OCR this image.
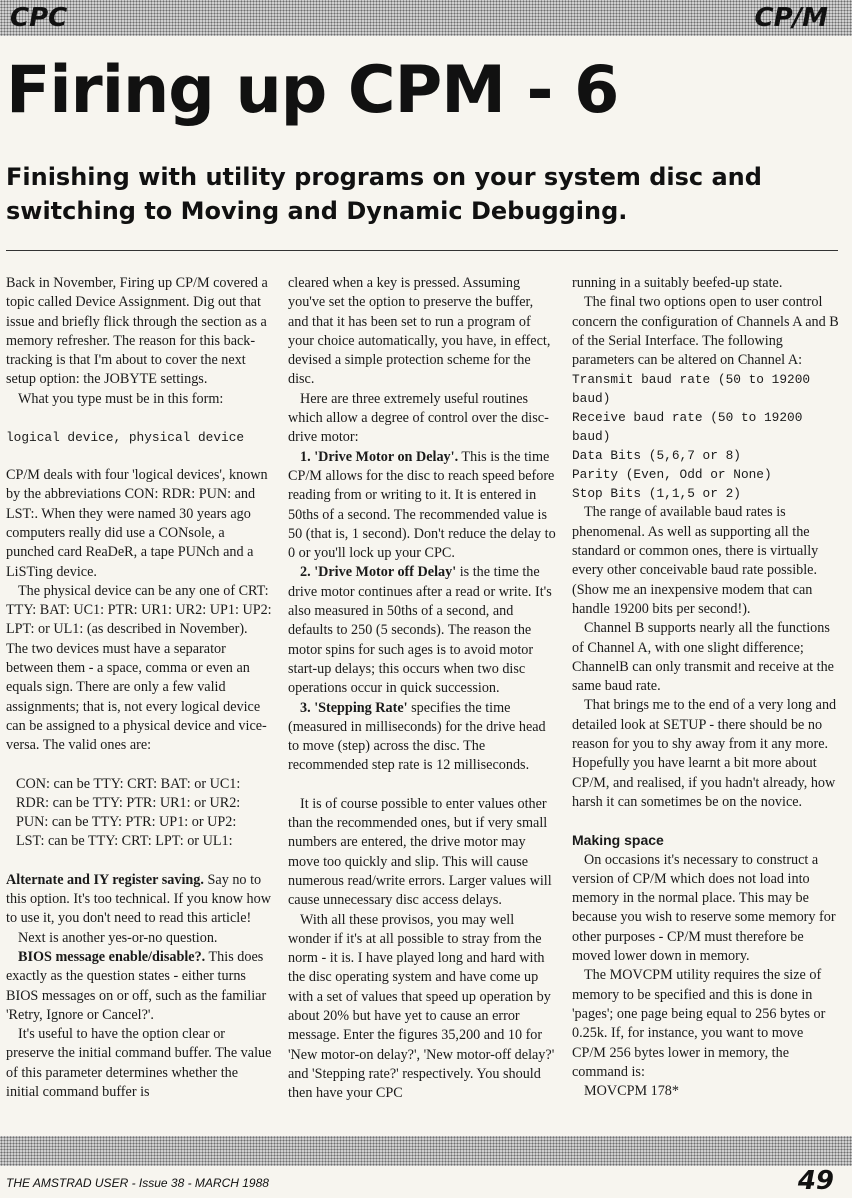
CPC	CP/M
Firing up CPM - 6
Finishing with utility programs on your system disc and switching to Moving and Dynamic Debugging.

Back in November, Firing up CP/M covered a topic called Device Assignment. Dig out that issue and briefly flick through the section as a memory refresher. The reason for this back-tracking is that I'm about to cover the next setup option: the JOBYTE settings.

What you type must be in this form:

logical device, physical device

CP/M deals with four 'logical devices', known by the abbreviations CON: RDR: PUN: and LST:. When they were named 30 years ago computers really did use a CONsole, a punched card ReaDeR, a tape PUNch and a LiSTing device.

The physical device can be any one of CRT: TTY: BAT: UC1: PTR: UR1: UR2: UP1: UP2: LPT: or UL1: (as described in November). The two devices must have a separator between them - a space, comma or even an equals sign. There are only a few valid assignments; that is, not every logical device can be assigned to a physical device and vice-versa. The valid ones are:

CON: can be TTY: CRT: BAT: or UC1:
RDR: can be TTY: PTR: UR1: or UR2:
PUN: can be TTY: PTR: UP1: or UP2:
LST: can be TTY: CRT: LPT: or UL1:

Alternate and IY register saving. Say no to this option. It's too technical. If you know how to use it, you don't need to read this article!

Next is another yes-or-no question.

BIOS message enable/disable?. This does exactly as the question states - either turns BIOS messages on or off, such as the familiar 'Retry, Ignore or Cancel?'.

It's useful to have the option clear or preserve the initial command buffer. The value of this parameter determines whether the initial command buffer is

cleared when a key is pressed. Assuming you've set the option to preserve the buffer, and that it has been set to run a program of your choice automatically, you have, in effect, devised a simple protection scheme for the disc.

Here are three extremely useful routines which allow a degree of control over the disc-drive motor:

1. 'Drive Motor on Delay'. This is the time CP/M allows for the disc to reach speed before reading from or writing to it. It is entered in 50ths of a second. The recommended value is 50 (that is, 1 second). Don't reduce the delay to 0 or you'll lock up your CPC.

2. 'Drive Motor off Delay' is the time the drive motor continues after a read or write. It's also measured in 50ths of a second, and defaults to 250 (5 seconds). The reason the motor spins for such ages is to avoid motor start-up delays; this occurs when two disc operations occur in quick succession.

3. 'Stepping Rate' specifies the time (measured in milliseconds) for the drive head to move (step) across the disc. The recommended step rate is 12 milliseconds.

It is of course possible to enter values other than the recommended ones, but if very small numbers are entered, the drive motor may move too quickly and slip. This will cause numerous read/write errors. Larger values will cause unnecessary disc access delays.

With all these provisos, you may well wonder if it's at all possible to stray from the norm - it is. I have played long and hard with the disc operating system and have come up with a set of values that speed up operation by about 20% but have yet to cause an error message. Enter the figures 35,200 and 10 for 'New motor-on delay?', 'New motor-off delay?' and 'Stepping rate?' respectively. You should then have your CPC

running in a suitably beefed-up state.

The final two options open to user control concern the configuration of Channels A and B of the Serial Interface. The following parameters can be altered on Channel A:

Transmit baud rate (50 to 19200 baud)
Receive baud rate (50 to 19200 baud)
Data Bits (5,6,7 or 8)
Parity (Even, Odd or None)
Stop Bits (1,1,5 or 2)

The range of available baud rates is phenomenal. As well as supporting all the standard or common ones, there is virtually every other conceivable baud rate possible. (Show me an inexpensive modem that can handle 19200 bits per second!).

Channel B supports nearly all the functions of Channel A, with one slight difference; ChannelB can only transmit and receive at the same baud rate.

That brings me to the end of a very long and detailed look at SETUP - there should be no reason for you to shy away from it any more. Hopefully you have learnt a bit more about CP/M, and realised, if you hadn't already, how harsh it can sometimes be on the novice.

Making space

On occasions it's necessary to construct a version of CP/M which does not load into memory in the normal place. This may be because you wish to reserve some memory for other purposes - CP/M must therefore be moved lower down in memory.

The MOVCPM utility requires the size of memory to be specified and this is done in 'pages'; one page being equal to 256 bytes or 0.25k. If, for instance, you want to move CP/M 256 bytes lower in memory, the command is:

MOVCPM 178*

THE AMSTRAD USER - Issue 38 - MARCH 1988	49
